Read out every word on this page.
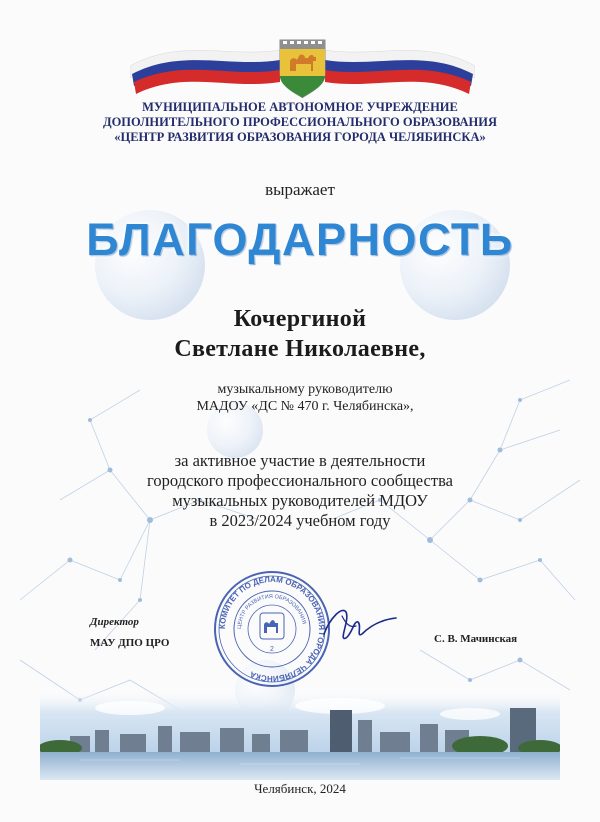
МУНИЦИПАЛЬНОЕ АВТОНОМНОЕ УЧРЕЖДЕНИЕ
ДОПОЛНИТЕЛЬНОГО ПРОФЕССИОНАЛЬНОГО ОБРАЗОВАНИЯ
«ЦЕНТР РАЗВИТИЯ ОБРАЗОВАНИЯ ГОРОДА ЧЕЛЯБИНСКА»
выражает
БЛАГОДАРНОСТЬ
Кочергиной
Светлане Николаевне,
музыкальному руководителю
МАДОУ «ДС № 470 г. Челябинска»,
за активное участие в деятельности
городского профессионального сообщества
музыкальных руководителей МДОУ
в 2023/2024 учебном году
Директор
МАУ ДПО ЦРО
КОМИТЕТ ПО ДЕЛАМ ОБРАЗОВАНИЯ ГОРОДА ЧЕЛЯБИНСКА
ЦЕНТР РАЗВИТИЯ ОБРАЗОВАНИЯ
2
С. В. Мачинская
Челябинск, 2024
